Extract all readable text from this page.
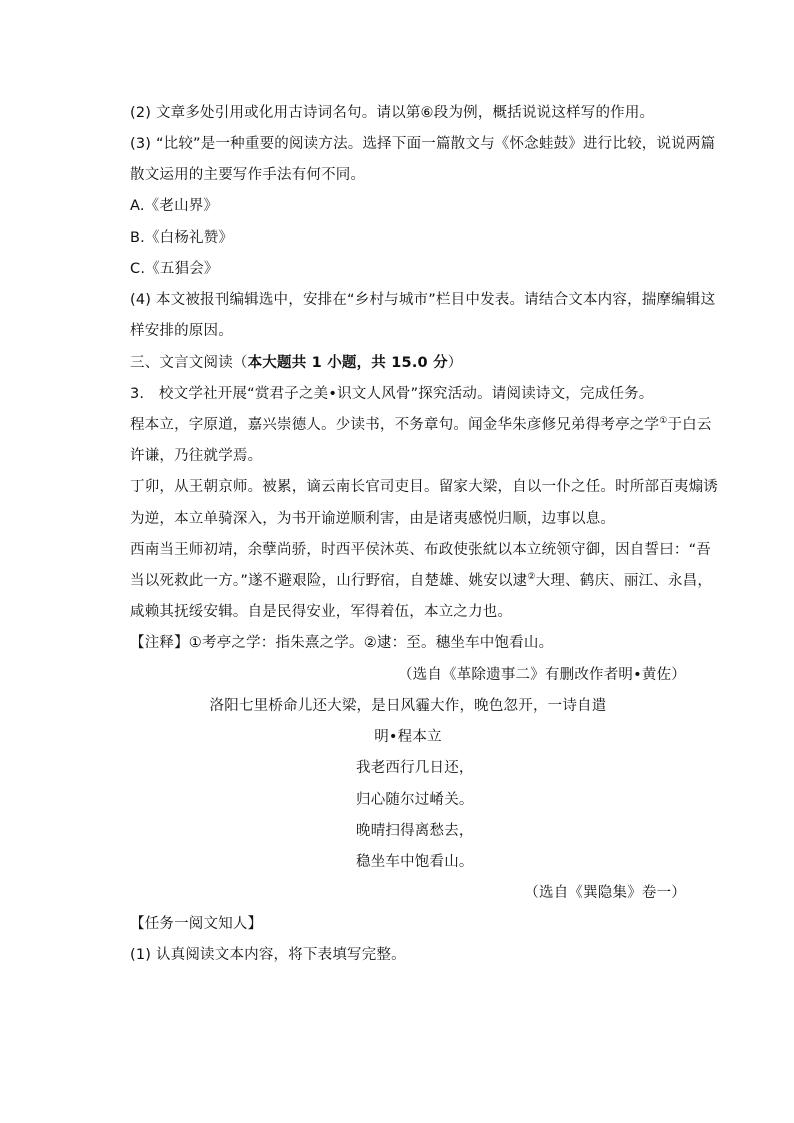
(2) 文章多处引用或化用古诗词名句。请以第⑥段为例，概括说说这样写的作用。
(3) “比较”是一种重要的阅读方法。选择下面一篇散文与《怀念蛙鼓》进行比较，说说两篇
散文运用的主要写作手法有何不同。
A.《老山界》
B.《白杨礼赞》
C.《五猖会》
(4) 本文被报刊编辑选中，安排在“乡村与城市”栏目中发表。请结合文本内容，揣摩编辑这
样安排的原因。
三、文言文阅读（本大题共 1 小题，共 15.0 分）
3.　校文学社开展“赏君子之美•识文人风骨”探究活动。请阅读诗文，完成任务。
程本立，字原道，嘉兴崇德人。少读书，不务章句。闻金华朱彦修兄弟得考亭之学①于白云
许谦，乃往就学焉。
丁卯，从王朝京师。被累，谪云南长官司吏目。留家大梁，自以一仆之任。时所部百夷煽诱
为逆，本立单骑深入，为书开谕逆顺利害，由是诸夷感悦归顺，边事以息。
西南当王师初靖，余孽尚骄，时西平侯沐英、布政使张紞以本立统领守御，因自誓曰：“吾
当以死救此一方。”遂不避艰险，山行野宿，自楚雄、姚安以逮②大理、鹤庆、丽江、永昌，
咸赖其抚绥安辑。自是民得安业，军得着伍，本立之力也。
【注释】①考亭之学：指朱熹之学。②逮：至。穗坐车中饱看山。
（选自《革除遗事二》有删改作者明•黄佐）
洛阳七里桥命儿还大梁，是日风霾大作，晚色忽开，一诗自遣
明•程本立
我老西行几日还，
归心随尔过崤关。
晚晴扫得离愁去，
稳坐车中饱看山。
（选自《巽隐集》卷一）
【任务一阅文知人】
(1) 认真阅读文本内容，将下表填写完整。
